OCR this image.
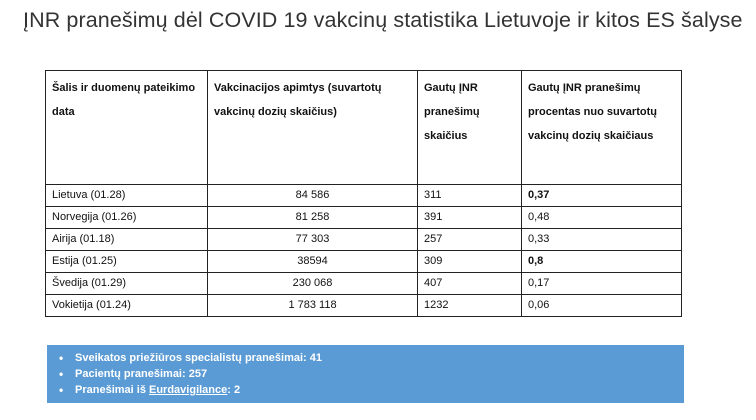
ĮNR pranešimų dėl COVID 19 vakcinų statistika Lietuvoje ir kitos ES šalyse
Šalis ir duomenų pateikimo data	Vakcinacijos apimtys (suvartotų vakcinų dozių skaičius)	Gautų ĮNR pranešimų skaičius	Gautų ĮNR pranešimų procentas nuo suvartotų vakcinų dozių skaičiaus
Lietuva (01.28)	84 586	311	0,37
Norvegija (01.26)	81 258	391	0,48
Airija (01.18)	77 303	257	0,33
Estija (01.25)	38594	309	0,8
Švedija (01.29)	230 068	407	0,17
Vokietija (01.24)	1 783 118	1232	0,06
• Sveikatos priežiūros specialistų pranešimai: 41
• Pacientų pranešimai: 257
• Pranešimai iš Eurdavigilance: 2
